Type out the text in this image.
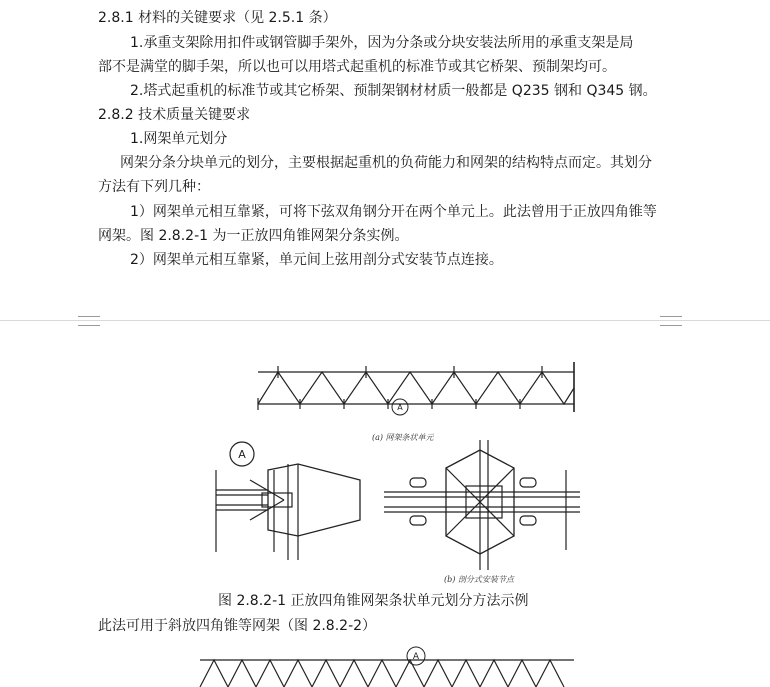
2.8.1 材料的关键要求（见 2.5.1 条）
1.承重支架除用扣件或钢管脚手架外，因为分条或分块安装法所用的承重支架是局
部不是满堂的脚手架，所以也可以用塔式起重机的标准节或其它桥架、预制架均可。
2.塔式起重机的标准节或其它桥架、预制架钢材材质一般都是 Q235 钢和 Q345 钢。
2.8.2 技术质量关键要求
1.网架单元划分
网架分条分块单元的划分，主要根据起重机的负荷能力和网架的结构特点而定。其划分
方法有下列几种：
1）网架单元相互靠紧，可将下弦双角钢分开在两个单元上。此法曾用于正放四角锥等
网架。图 2.8.2-1 为一正放四角锥网架分条实例。
2）网架单元相互靠紧，单元间上弦用剖分式安装节点连接。
A
A
A
(a) 网架条状单元
(b) 剖分式安装节点
图 2.8.2-1 正放四角锥网架条状单元划分方法示例
此法可用于斜放四角锥等网架（图 2.8.2-2）
